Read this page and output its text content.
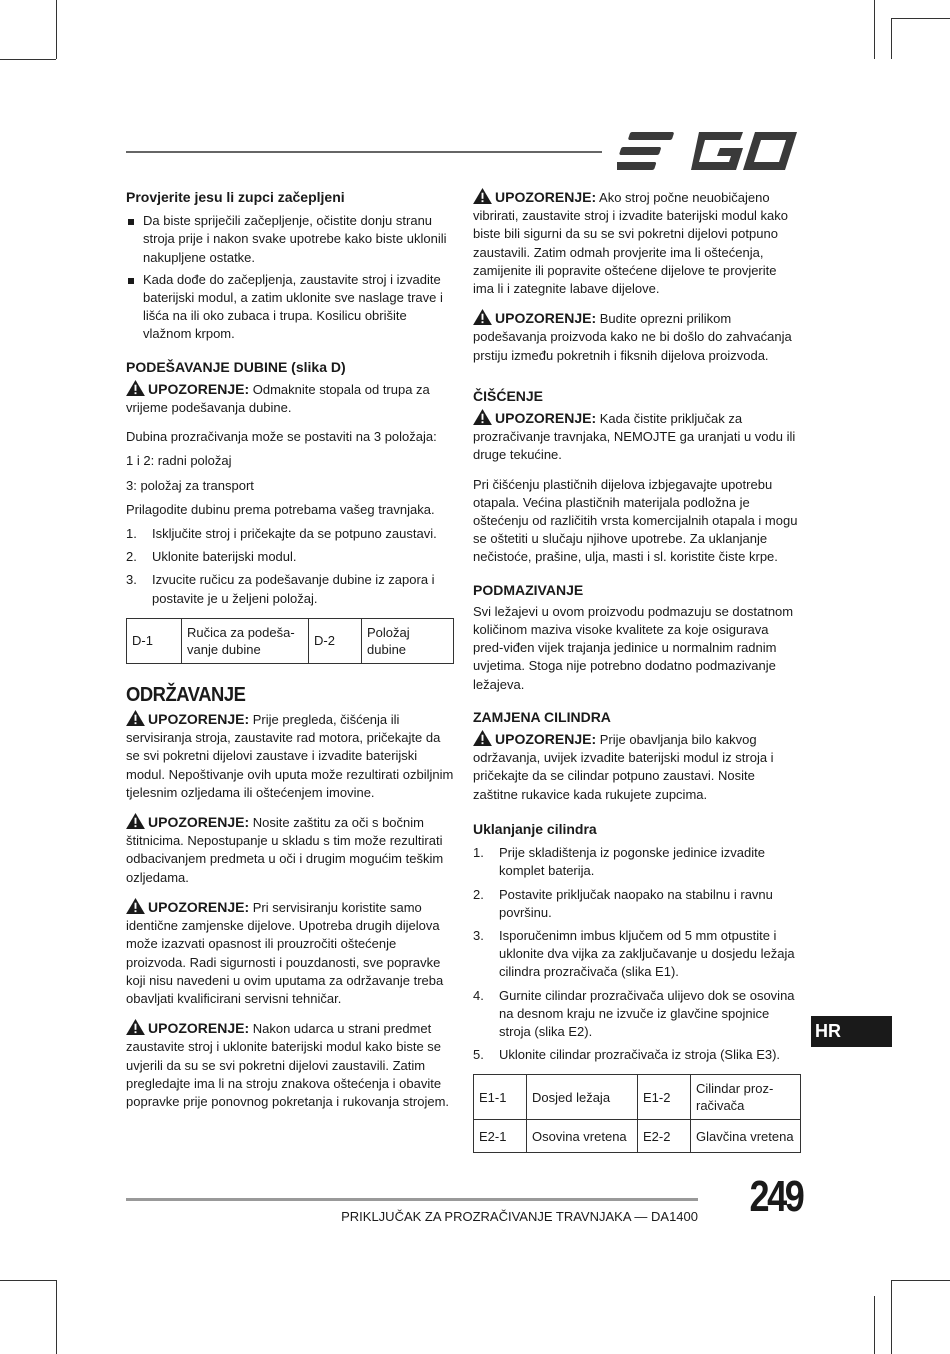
Provjerite jesu li zupci začepljeni
Da biste spriječili začepljenje, očistite donju stranu stroja prije i nakon svake upotrebe kako biste uklonili nakupljene ostatke.
Kada dođe do začepljenja, zaustavite stroj i izvadite baterijski modul, a zatim uklonite sve naslage trave i lišća na ili oko zubaca i trupa. Kosilicu obrišite vlažnom krpom.
PODEŠAVANJE DUBINE (slika D)
UPOZORENJE: Odmaknite stopala od trupa za vrijeme podešavanja dubine.

Dubina prozračivanja može se postaviti na 3 položaja:

1 i 2: radni položaj

3: položaj za transport

Prilagodite dubinu prema potrebama vašeg travnjaka.

1. Isključite stroj i pričekajte da se potpuno zaustavi.
2. Uklonite baterijski modul.
3. Izvucite ručicu za podešavanje dubine iz zapora i postavite je u željeni položaj.
D-1	Ručica za podeša-vanje dubine	D-2	Položaj dubine
ODRŽAVANJE
UPOZORENJE: Prije pregleda, čišćenja ili servisiranja stroja, zaustavite rad motora, pričekajte da se svi pokretni dijelovi zaustave i izvadite baterijski modul. Nepoštivanje ovih uputa može rezultirati ozbiljnim tjelesnim ozljedama ili oštećenjem imovine.
UPOZORENJE: Nosite zaštitu za oči s bočnim štitnicima. Nepostupanje u skladu s tim može rezultirati odbacivanjem predmeta u oči i drugim mogućim teškim ozljedama.
UPOZORENJE: Pri servisiranju koristite samo identične zamjenske dijelove. Upotreba drugih dijelova može izazvati opasnost ili prouzročiti oštećenje proizvoda. Radi sigurnosti i pouzdanosti, sve popravke koji nisu navedeni u ovim uputama za održavanje treba obavljati kvalificirani servisni tehničar.
UPOZORENJE: Nakon udarca u strani predmet zaustavite stroj i uklonite baterijski modul kako biste se uvjerili da su se svi pokretni dijelovi zaustavili. Zatim pregledajte ima li na stroju znakova oštećenja i obavite popravke prije ponovnog pokretanja i rukovanja strojem.
UPOZORENJE: Ako stroj počne neuobičajeno vibrirati, zaustavite stroj i izvadite baterijski modul kako biste bili sigurni da su se svi pokretni dijelovi potpuno zaustavili. Zatim odmah provjerite ima li oštećenja, zamijenite ili popravite oštećene dijelove te provjerite ima li i zategnite labave dijelove.
UPOZORENJE: Budite oprezni prilikom podešavanja proizvoda kako ne bi došlo do zahvaćanja prstiju između pokretnih i fiksnih dijelova proizvoda.
ČIŠĆENJE
UPOZORENJE: Kada čistite priključak za prozračivanje travnjaka, NEMOJTE ga uranjati u vodu ili druge tekućine.

Pri čišćenju plastičnih dijelova izbjegavajte upotrebu otapala. Većina plastičnih materijala podložna je oštećenju od različitih vrsta komercijalnih otapala i mogu se oštetiti u slučaju njihove upotrebe. Za uklanjanje nečistoće, prašine, ulja, masti i sl. koristite čiste krpe.

PODMAZIVANJE

Svi ležajevi u ovom proizvodu podmazuju se dostatnom količinom maziva visoke kvalitete za koje osigurava pred-viđen vijek trajanja jedinice u normalnim radnim uvjetima. Stoga nije potrebno dodatno podmazivanje ležajeva.

ZAMJENA CILINDRA
UPOZORENJE: Prije obavljanja bilo kakvog održavanja, uvijek izvadite baterijski modul iz stroja i pričekajte da se cilindar potpuno zaustavi. Nosite zaštitne rukavice kada rukujete zupcima.
Uklanjanje cilindra
1. Prije skladištenja iz pogonske jedinice izvadite komplet baterija.
2. Postavite priključak naopako na stabilnu i ravnu površinu.
3. Isporučenimn imbus ključem od 5 mm otpustite i uklonite dva vijka za zaključavanje u dosjedu ležaja cilindra prozračivača (slika E1).
4. Gurnite cilindar prozračivača ulijevo dok se osovina na desnom kraju ne izvuče iz glavčine spojnice stroja (slika E2).
5. Uklonite cilindar prozračivača iz stroja (Slika E3).
E1-1	Dosjed ležaja	E1-2	Cilindar proz-račivača
E2-1	Osovina vretena	E2-2	Glavčina vretena
HR
PRIKLJUČAK ZA PROZRAČIVANJE TRAVNJAKA — DA1400 249
